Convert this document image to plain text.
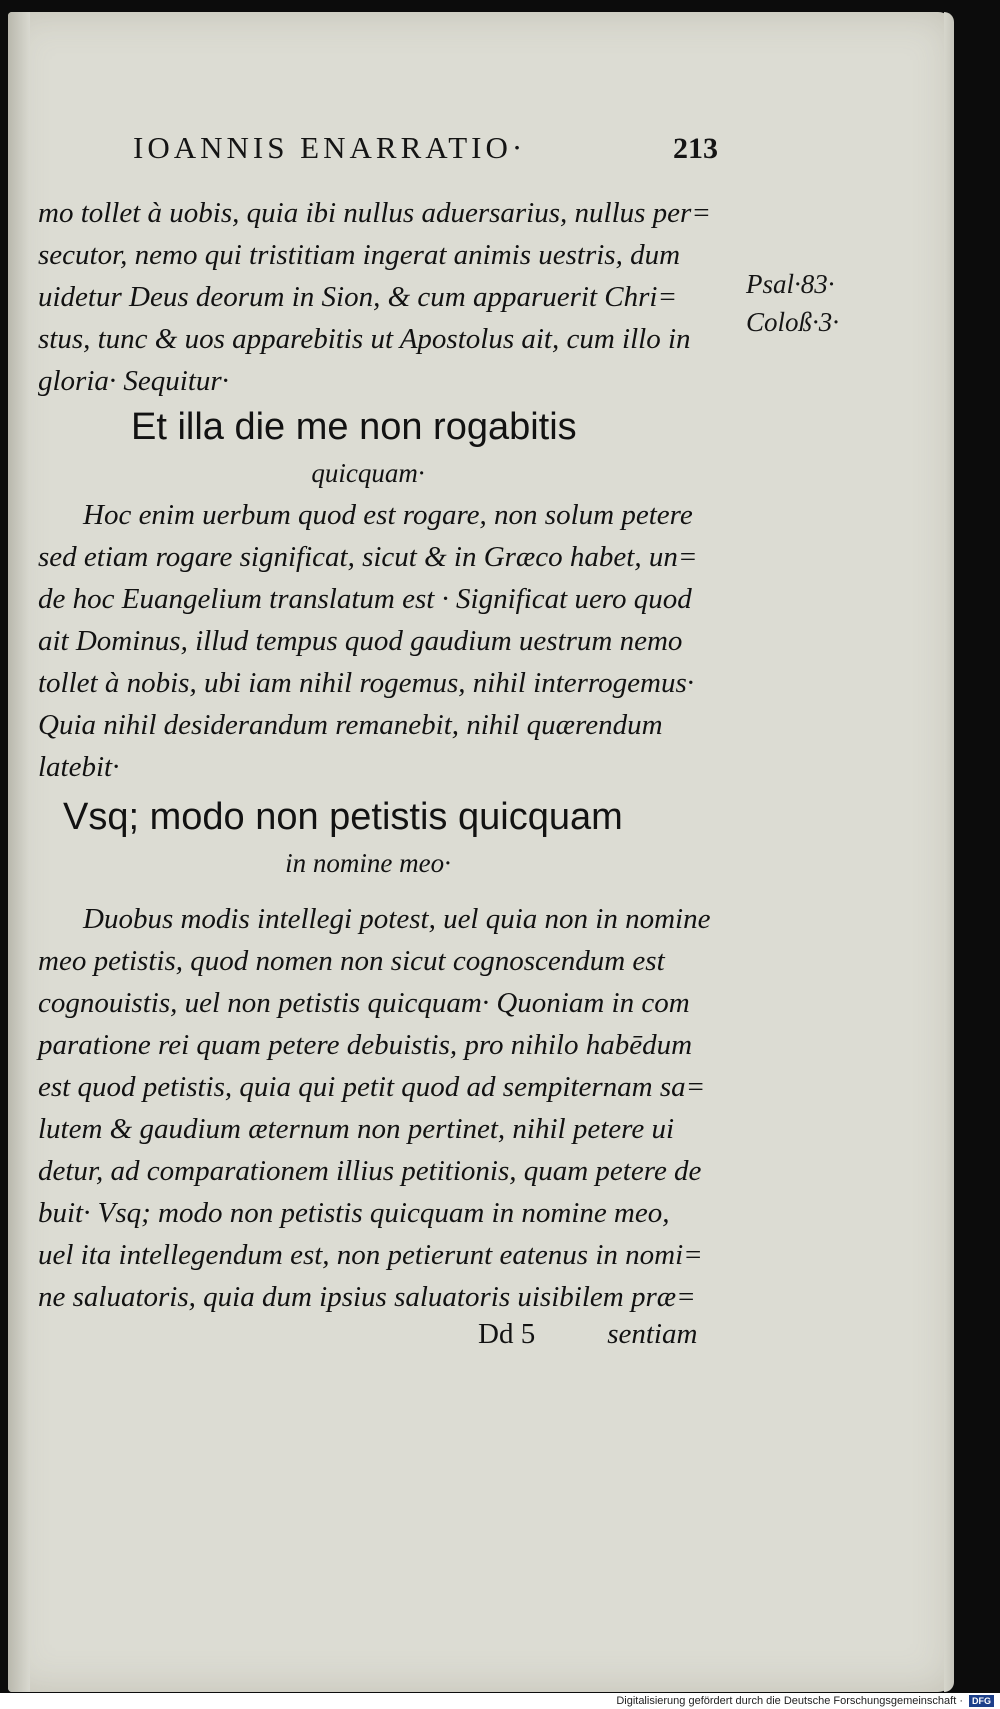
IOANNIS ENARRATIO·	213
mo tollet à uobis, quia ibi nullus aduersarius, nullus per=
secutor, nemo qui tristitiam ingerat animis uestris, dum
uidetur Deus deorum in Sion, & cum apparuerit Chri=
stus, tunc & uos apparebitis ut Apostolus ait, cum illo in
gloria· Sequitur·
Et illa die me non rogabitis
quicquam·
Hoc enim uerbum quod est rogare, non solum petere
sed etiam rogare significat, sicut & in Græco habet, un=
de hoc Euangelium translatum est · Significat uero quod
ait Dominus, illud tempus quod gaudium uestrum nemo
tollet à nobis, ubi iam nihil rogemus, nihil interrogemus·
Quia nihil desiderandum remanebit, nihil quærendum
latebit·
Vsq; modo non petistis quicquam
in nomine meo·
Duobus modis intellegi potest, uel quia non in nomine
meo petistis, quod nomen non sicut cognoscendum est
cognouistis, uel non petistis quicquam· Quoniam in com
paratione rei quam petere debuistis, pro nihilo habēdum
est quod petistis, quia qui petit quod ad sempiternam sa=
lutem & gaudium æternum non pertinet, nihil petere ui
detur, ad comparationem illius petitionis, quam petere de
buit· Vsq; modo non petistis quicquam in nomine meo,
uel ita intellegendum est, non petierunt eatenus in nomi=
ne saluatoris, quia dum ipsius saluatoris uisibilem præ=
Dd 5 sentiam
Psal·83·
Coloß·3·
Digitalisierung gefördert durch die Deutsche Forschungsgemeinschaft ·	DFG
